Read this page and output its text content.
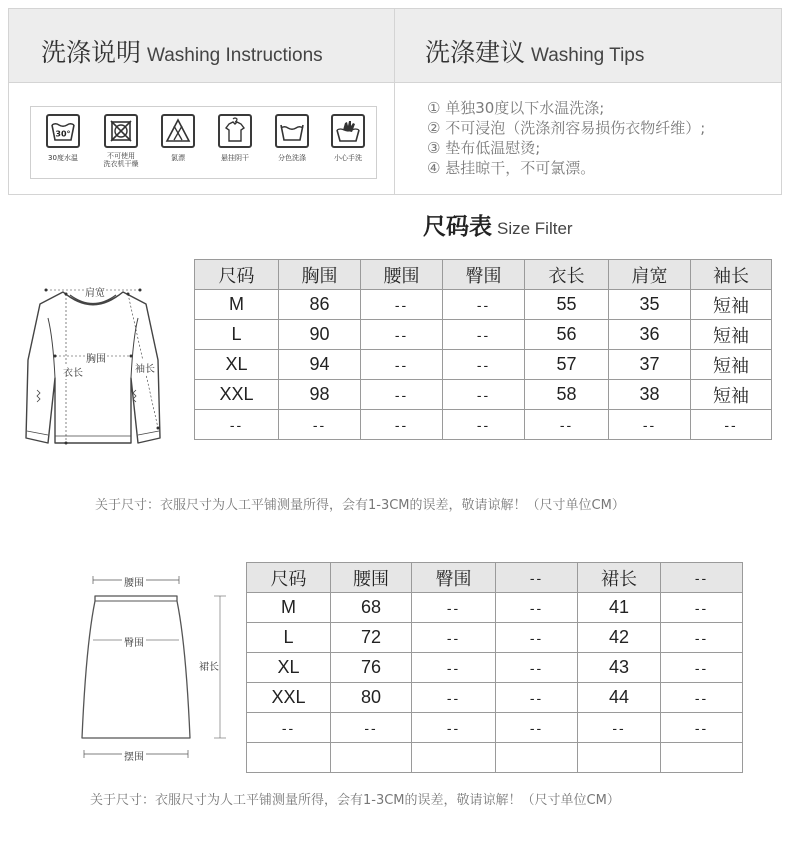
洗涤说明 Washing Instructions	洗涤建议 Washing Tips
30°
30度水温	不可使用
洗衣机干燥
氯漂	悬挂阴干	分色洗涤	小心手洗
① 单独30度以下水温洗涤;
② 不可浸泡（洗涤剂容易损伤衣物纤维）;
③ 垫布低温慰烫;
④ 悬挂晾干，不可氯漂。
尺码表 Size Filter
肩宽
胸围
衣长	袖长
尺码	胸围	腰围	臀围	衣长	肩宽	袖长
M	86	--	--	55	35	短袖
L	90	--	--	56	36	短袖
XL	94	--	--	57	37	短袖
XXL	98	--	--	58	38	短袖
--	--	--	--	--	--	--
关于尺寸：衣服尺寸为人工平铺测量所得，会有1-3CM的误差，敬请谅解！（尺寸单位CM）
腰围
臀围
裙长
摆围
尺码	腰围	臀围	--	裙长	--
M	68	--	--	41	--
L	72	--	--	42	--
XL	76	--	--	43	--
XXL	80	--	--	44	--
--	--	--	--	--	--

关于尺寸：衣服尺寸为人工平铺测量所得，会有1-3CM的误差，敬请谅解！（尺寸单位CM）
